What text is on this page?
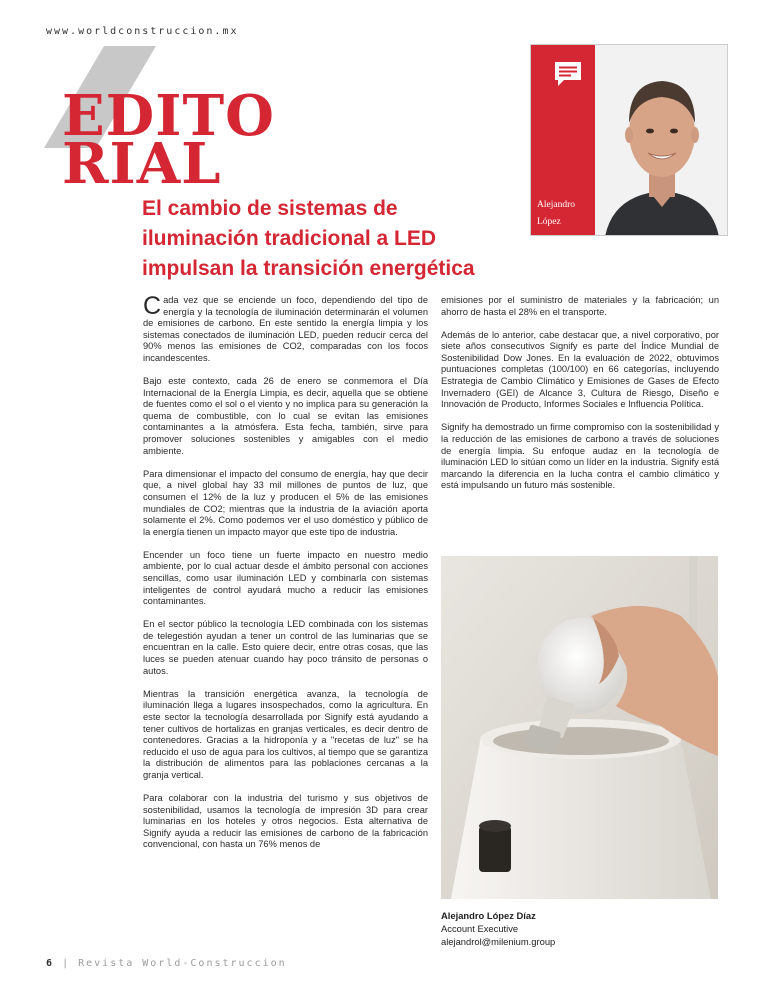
www.worldconstruccion.mx
EDITO
RIAL
El cambio de sistemas de iluminación tradicional a LED impulsan la transición energética
Alejandro
López

Cada vez que se enciende un foco, dependiendo del tipo de energía y la tecnología de iluminación determinarán el volumen de emisiones de carbono. En este sentido la energía limpia y los sistemas conectados de iluminación LED, pueden reducir cerca del 90% menos las emisiones de CO2, comparadas con los focos incandescentes.

Bajo este contexto, cada 26 de enero se conmemora el Día Internacional de la Energía Limpia, es decir, aquella que se obtiene de fuentes como el sol o el viento y no implica para su generación la quema de combustible, con lo cual se evitan las emisiones contaminantes a la atmósfera. Esta fecha, también, sirve para promover soluciones sostenibles y amigables con el medio ambiente.

Para dimensionar el impacto del consumo de energía, hay que decir que, a nivel global hay 33 mil millones de puntos de luz, que consumen el 12% de la luz y producen el 5% de las emisiones mundiales de CO2; mientras que la industria de la aviación aporta solamente el 2%. Como podemos ver el uso doméstico y público de la energía tienen un impacto mayor que este tipo de industria.

Encender un foco tiene un fuerte impacto en nuestro medio ambiente, por lo cual actuar desde el ámbito personal con acciones sencillas, como usar iluminación LED y combinarla con sistemas inteligentes de control ayudará mucho a reducir las emisiones contaminantes.

En el sector público la tecnología LED combinada con los sistemas de telegestión ayudan a tener un control de las luminarias que se encuentran en la calle. Esto quiere decir, entre otras cosas, que las luces se pueden atenuar cuando hay poco tránsito de personas o autos.

Mientras la transición energética avanza, la tecnología de iluminación llega a lugares insospechados, como la agricultura. En este sector la tecnología desarrollada por Signify está ayudando a tener cultivos de hortalizas en granjas verticales, es decir dentro de contenedores. Gracias a la hidroponía y a "recetas de luz" se ha reducido el uso de agua para los cultivos, al tiempo que se garantiza la distribución de alimentos para las poblaciones cercanas a la granja vertical.

Para colaborar con la industria del turismo y sus objetivos de sostenibilidad, usamos la tecnología de impresión 3D para crear luminarias en los hoteles y otros negocios. Esta alternativa de Signify ayuda a reducir las emisiones de carbono de la fabricación convencional, con hasta un 76% menos de

emisiones por el suministro de materiales y la fabricación; un ahorro de hasta el 28% en el transporte.

Además de lo anterior, cabe destacar que, a nivel corporativo, por siete años consecutivos Signify es parte del Índice Mundial de Sostenibilidad Dow Jones. En la evaluación de 2022, obtuvimos puntuaciones completas (100/100) en 66 categorías, incluyendo Estrategia de Cambio Climático y Emisiones de Gases de Efecto Invernadero (GEI) de Alcance 3, Cultura de Riesgo, Diseño e Innovación de Producto, Informes Sociales e Influencia Política.

Signify ha demostrado un firme compromiso con la sostenibilidad y la reducción de las emisiones de carbono a través de soluciones de energía limpia. Su enfoque audaz en la tecnología de iluminación LED lo sitúan como un líder en la industria. Signify está marcando la diferencia en la lucha contra el cambio climático y está impulsando un futuro más sostenible.

Alejandro López Díaz
Account Executive
alejandrol@milenium.group
6 | Revista World-Construccion
